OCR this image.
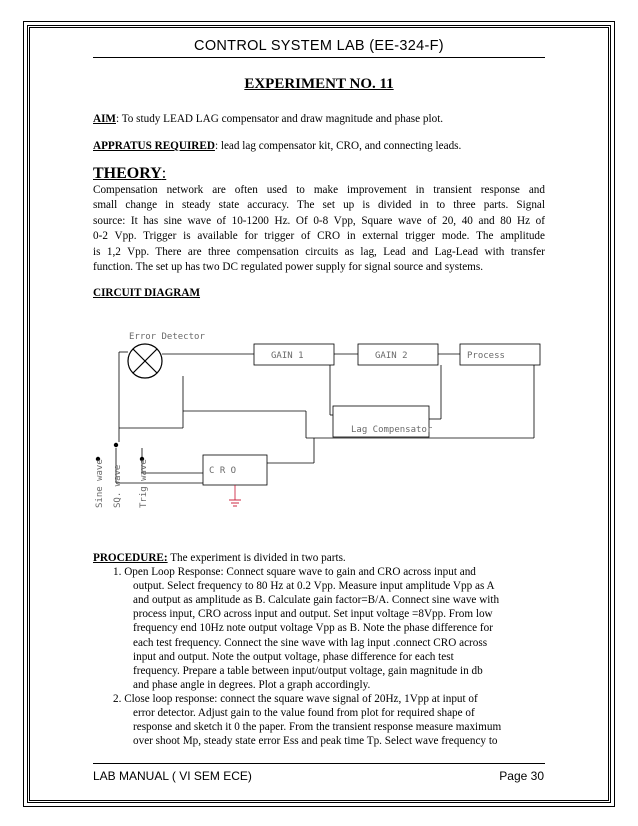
CONTROL SYSTEM LAB (EE-324-F)
EXPERIMENT NO. 11
AIM: To study LEAD LAG compensator and draw magnitude and phase plot.
APPRATUS REQUIRED: lead lag compensator kit, CRO, and connecting leads.
THEORY:
Compensation network are often used to make improvement in transient response and
small change in steady state accuracy. The set up is divided in to three parts. Signal
source: It has sine wave of 10-1200 Hz. Of 0-8 Vpp, Square wave of 20, 40 and 80 Hz of
0-2 Vpp. Trigger is available for trigger of CRO in external trigger mode. The amplitude
is 1,2 Vpp. There are three compensation circuits as lag, Lead and Lag-Lead with transfer
function. The set up has two DC regulated power supply for signal source and systems.
CIRCUIT DIAGRAM
Error Detector
GAIN 1	GAIN 2	Process
Lag Compensator
C R O
Sine wave SQ. wave Trig wave
PROCEDURE: The experiment is divided in two parts.
1. Open Loop Response: Connect square wave to gain and CRO across input and
output. Select frequency to 80 Hz at 0.2 Vpp. Measure input amplitude Vpp as A
and output as amplitude as B. Calculate gain factor=B/A. Connect sine wave with
process input, CRO across input and output. Set input voltage =8Vpp. From low
frequency end 10Hz note output voltage Vpp as B. Note the phase difference for
each test frequency. Connect the sine wave with lag input .connect CRO across
input and output. Note the output voltage, phase difference for each test
frequency. Prepare a table between input/output voltage, gain magnitude in db
and phase angle in degrees. Plot a graph accordingly.
2. Close loop response: connect the square wave signal of 20Hz, 1Vpp at input of
error detector. Adjust gain to the value found from plot for required shape of
response and sketch it 0 the paper. From the transient response measure maximum
over shoot Mp, steady state error Ess and peak time Tp. Select wave frequency to
LAB MANUAL ( VI SEM ECE)	Page 30
